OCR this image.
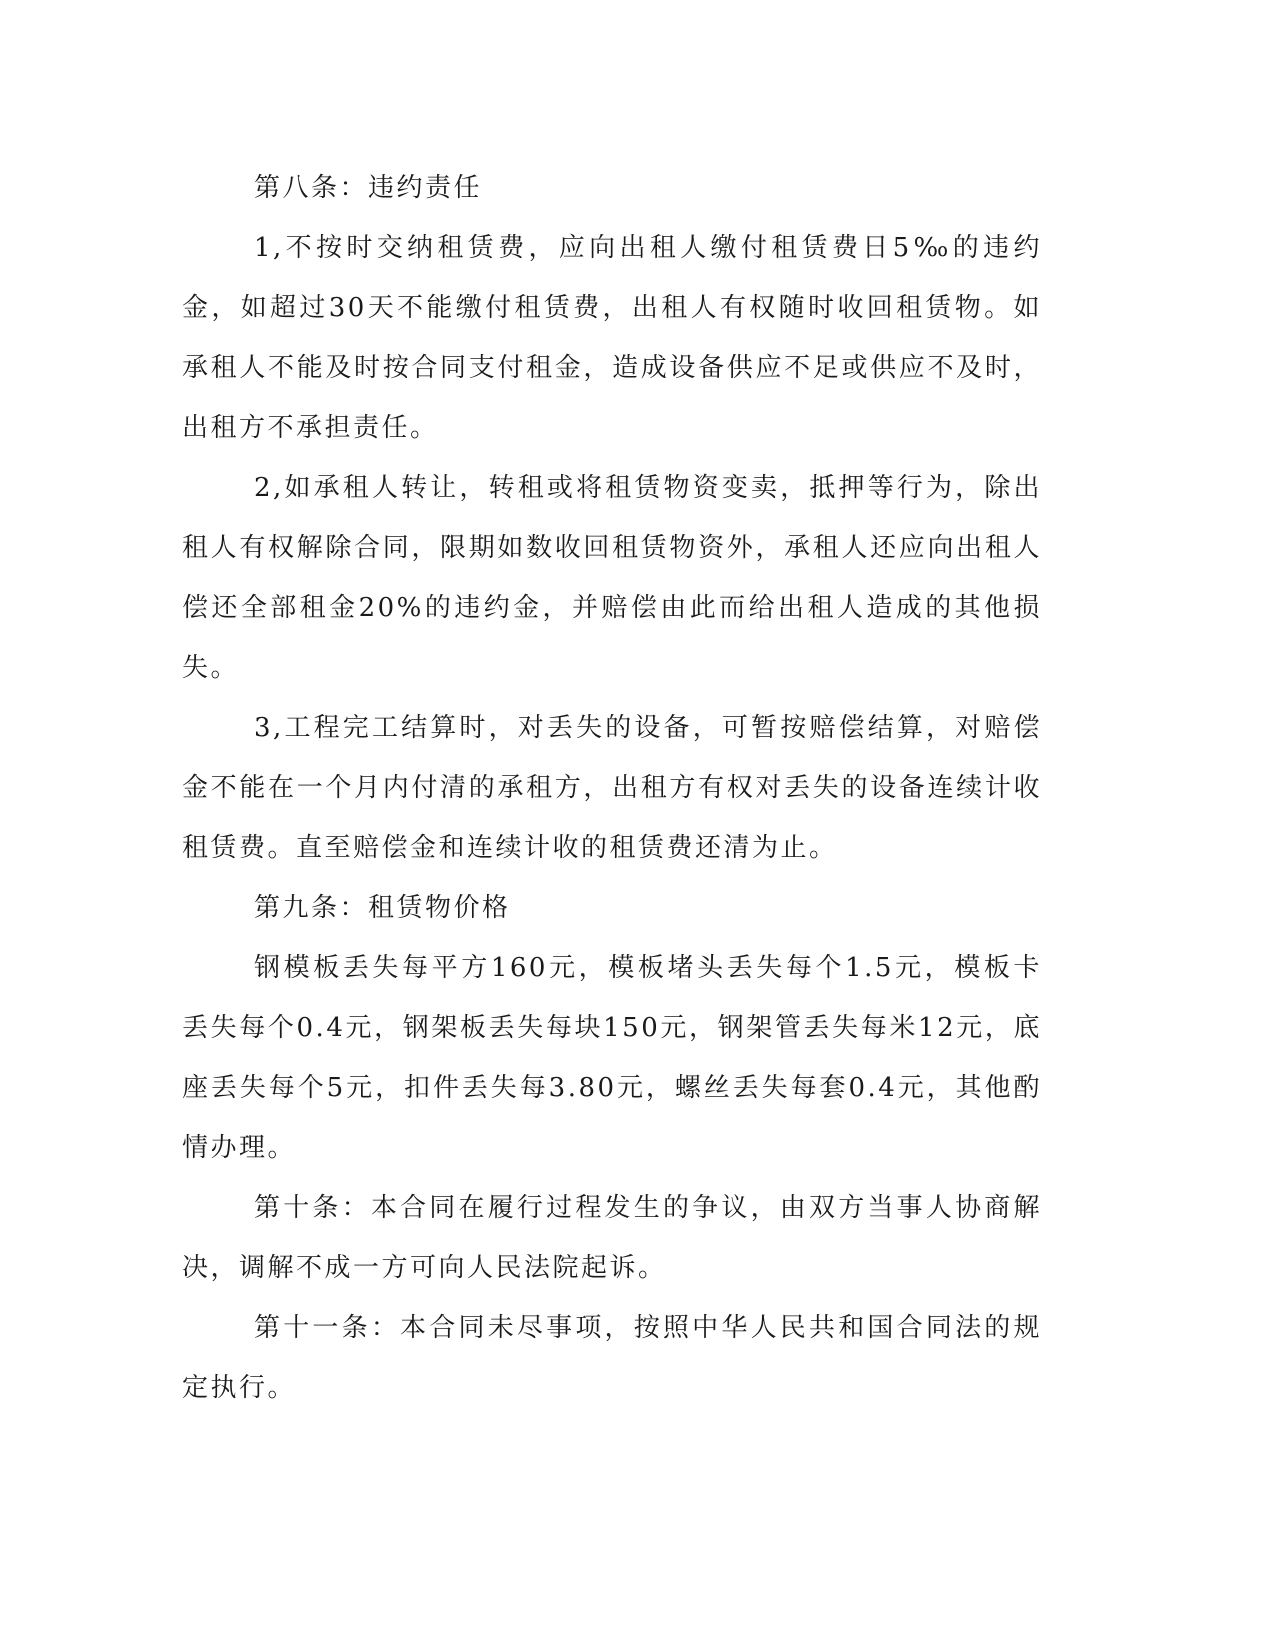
第八条：违约责任

1,不按时交纳租赁费，应向出租人缴付租赁费日5‰的违约金，如超过30天不能缴付租赁费，出租人有权随时收回租赁物。如承租人不能及时按合同支付租金，造成设备供应不足或供应不及时，出租方不承担责任。

2,如承租人转让，转租或将租赁物资变卖，抵押等行为，除出租人有权解除合同，限期如数收回租赁物资外，承租人还应向出租人偿还全部租金20%的违约金，并赔偿由此而给出租人造成的其他损失。

3,工程完工结算时，对丢失的设备，可暂按赔偿结算，对赔偿金不能在一个月内付清的承租方，出租方有权对丢失的设备连续计收租赁费。直至赔偿金和连续计收的租赁费还清为止。

第九条：租赁物价格

钢模板丢失每平方160元，模板堵头丢失每个1.5元，模板卡丢失每个0.4元，钢架板丢失每块150元，钢架管丢失每米12元，底座丢失每个5元，扣件丢失每3.80元，螺丝丢失每套0.4元，其他酌情办理。

第十条：本合同在履行过程发生的争议，由双方当事人协商解决，调解不成一方可向人民法院起诉。

第十一条：本合同未尽事项，按照中华人民共和国合同法的规定执行。
